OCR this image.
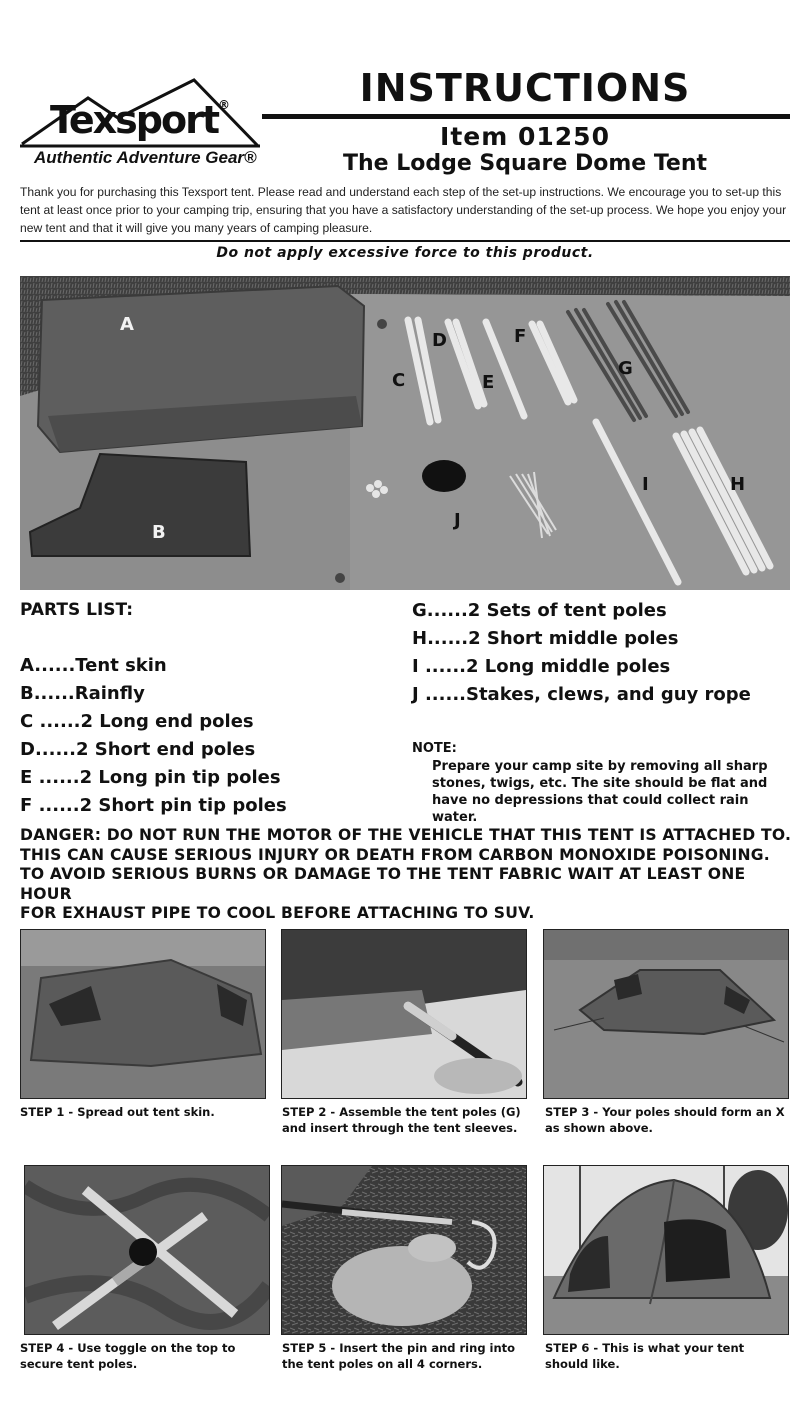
Texsport®
Authentic Adventure Gear®
INSTRUCTIONS
Item 01250
The Lodge Square Dome Tent
Thank you for purchasing this Texsport tent. Please read and understand each step of the set-up instructions. We encourage you to set-up this tent at least once prior to your camping trip, ensuring that you have a satisfactory understanding of the set-up process. We hope you enjoy your new tent and that it will give you many years of camping pleasure.
Do not apply excessive force to this product.
A
B
C
D
E
F
G
H
I
J
PARTS LIST:
A......Tent skin
B......Rainfly
C ......2 Long end poles
D......2 Short end poles
E ......2 Long pin tip poles
F ......2 Short pin tip poles
G......2 Sets of tent poles
H......2 Short middle poles
I ......2 Long middle poles
J ......Stakes, clews, and guy rope
NOTE:
Prepare your camp site by removing all sharp stones, twigs, etc. The site should be flat and have no depressions that could collect rain water.
DANGER: DO NOT RUN THE MOTOR OF THE VEHICLE THAT THIS TENT IS ATTACHED TO.
THIS CAN CAUSE SERIOUS INJURY OR DEATH FROM CARBON MONOXIDE POISONING.
TO AVOID SERIOUS BURNS OR DAMAGE TO THE TENT FABRIC WAIT AT LEAST ONE HOUR
FOR EXHAUST PIPE TO COOL BEFORE ATTACHING TO SUV.
STEP 1 - Spread out tent skin.	STEP 2 - Assemble the tent poles (G) and insert through the tent sleeves.
STEP 3 - Your poles should form an X as shown above.
STEP 4 - Use toggle on the top to secure tent poles.
STEP 5 - Insert the pin and ring into the tent poles on all 4 corners.
STEP 6 - This is what your tent should like.
